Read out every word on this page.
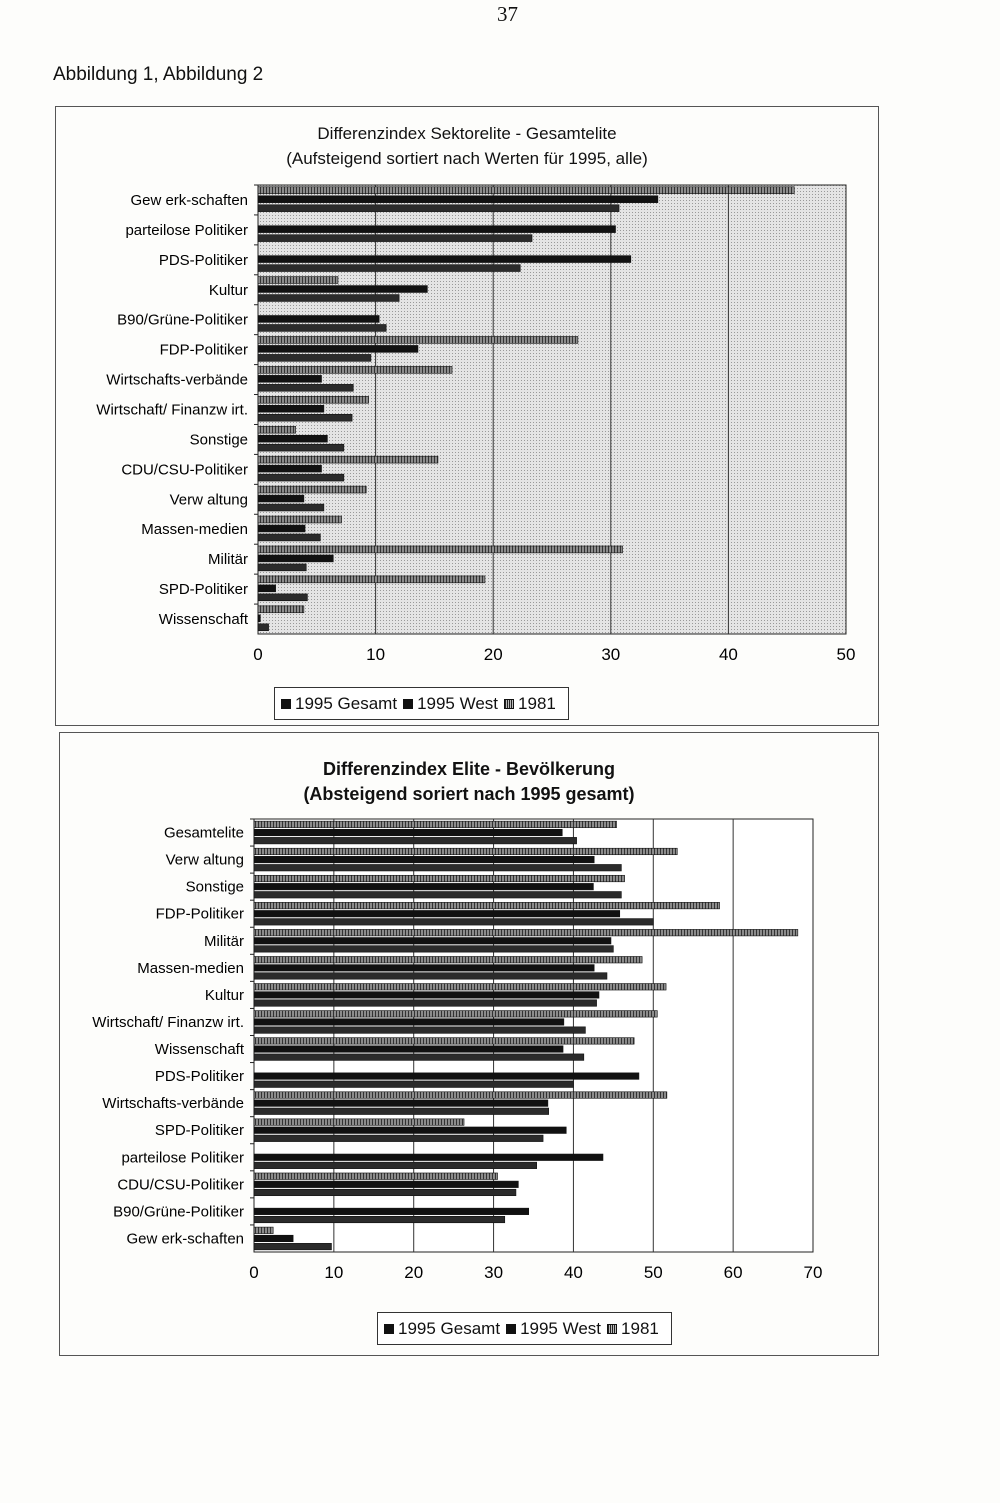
37
Abbildung 1, Abbildung 2
Differenzindex Sektorelite - Gesamtelite
(Aufsteigend sortiert nach Werten für 1995, alle)
0	10	20	30	40	50
Gew erk-schaften
parteilose Politiker
PDS-Politiker
Kultur
B90/Grüne-Politiker
FDP-Politiker
Wirtschafts-verbände
Wirtschaft/ Finanzw irt.
Sonstige
CDU/CSU-Politiker
Verw altung
Massen-medien
Militär
SPD-Politiker
Wissenschaft
1995 Gesamt 1995 West 1981
Differenzindex Elite - Bevölkerung
(Absteigend soriert nach 1995 gesamt)
0	10	20	30	40	50	60	70
Gesamtelite
Verw altung
Sonstige
FDP-Politiker
Militär
Massen-medien
Kultur
Wirtschaft/ Finanzw irt.
Wissenschaft
PDS-Politiker
Wirtschafts-verbände
SPD-Politiker
parteilose Politiker
CDU/CSU-Politiker
B90/Grüne-Politiker
Gew erk-schaften
1995 Gesamt 1995 West 1981
